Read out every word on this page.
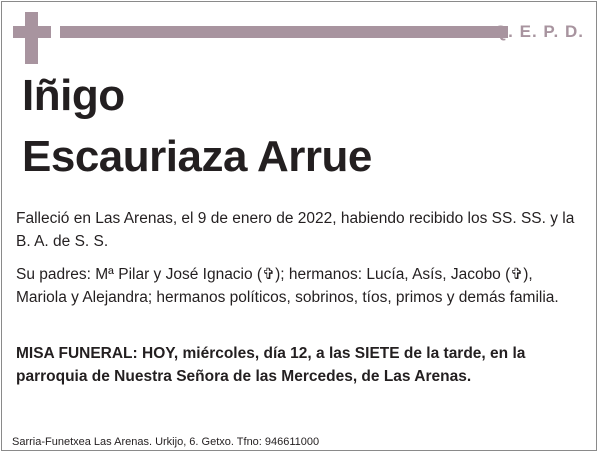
Q. E. P. D.
Iñigo
Escauriaza Arrue

Falleció en Las Arenas, el 9 de enero de 2022, habiendo recibido los SS. SS. y la B. A. de S. S.

Su padres: Mª Pilar y José Ignacio (✞); hermanos: Lucía, Asís, Jacobo (✞), Mariola y Alejandra; hermanos políticos, sobrinos, tíos, primos y demás familia.

MISA FUNERAL: HOY, miércoles, día 12, a las SIETE de la tarde, en la parroquia de Nuestra Señora de las Mercedes, de Las Arenas.

Sarria-Funetxea Las Arenas. Urkijo, 6. Getxo. Tfno: 946611000
